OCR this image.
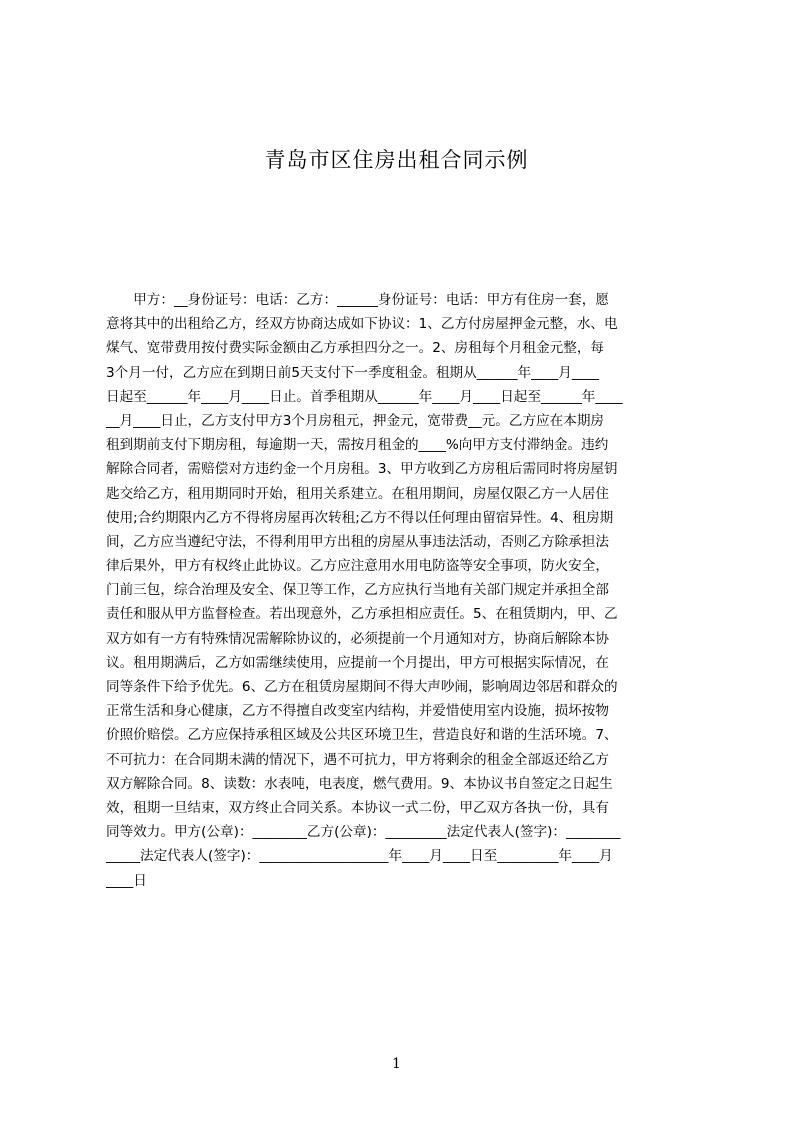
青岛市区住房出租合同示例
　　甲方：__身份证号：电话：乙方：______身份证号：电话：甲方有住房一套，愿
意将其中的出租给乙方，经双方协商达成如下协议：1、乙方付房屋押金元整，水、电
煤气、宽带费用按付费实际金额由乙方承担四分之一。2、房租每个月租金元整，每
3个月一付，乙方应在到期日前5天支付下一季度租金。租期从______年____月____
日起至______年____月____日止。首季租期从______年____月____日起至______年____
__月____日止，乙方支付甲方3个月房租元，押金元，宽带费__元。乙方应在本期房
租到期前支付下期房租，每逾期一天，需按月租金的____%向甲方支付滞纳金。违约
解除合同者，需赔偿对方违约金一个月房租。3、甲方收到乙方房租后需同时将房屋钥
匙交给乙方，租用期同时开始，租用关系建立。在租用期间，房屋仅限乙方一人居住
使用;合约期限内乙方不得将房屋再次转租;乙方不得以任何理由留宿异性。4、租房期
间，乙方应当遵纪守法，不得利用甲方出租的房屋从事违法活动，否则乙方除承担法
律后果外，甲方有权终止此协议。乙方应注意用水用电防盗等安全事项，防火安全，
门前三包，综合治理及安全、保卫等工作，乙方应执行当地有关部门规定并承担全部
责任和服从甲方监督检查。若出现意外，乙方承担相应责任。5、在租赁期内，甲、乙
双方如有一方有特殊情况需解除协议的，必须提前一个月通知对方，协商后解除本协
议。租用期满后，乙方如需继续使用，应提前一个月提出，甲方可根据实际情况，在
同等条件下给予优先。6、乙方在租赁房屋期间不得大声吵闹，影响周边邻居和群众的
正常生活和身心健康，乙方不得擅自改变室内结构，并爱惜使用室内设施，损坏按物
价照价赔偿。乙方应保持承租区域及公共区环境卫生，营造良好和谐的生活环境。7、
不可抗力：在合同期未满的情况下，遇不可抗力，甲方将剩余的租金全部返还给乙方
双方解除合同。8、读数：水表吨，电表度，燃气费用。9、本协议书自签定之日起生
效，租期一旦结束，双方终止合同关系。本协议一式二份，甲乙双方各执一份，具有
同等效力。甲方(公章)：________乙方(公章)：_________法定代表人(签字)：________
_____法定代表人(签字)：___________________年____月____日至_________年____月
____日
1
